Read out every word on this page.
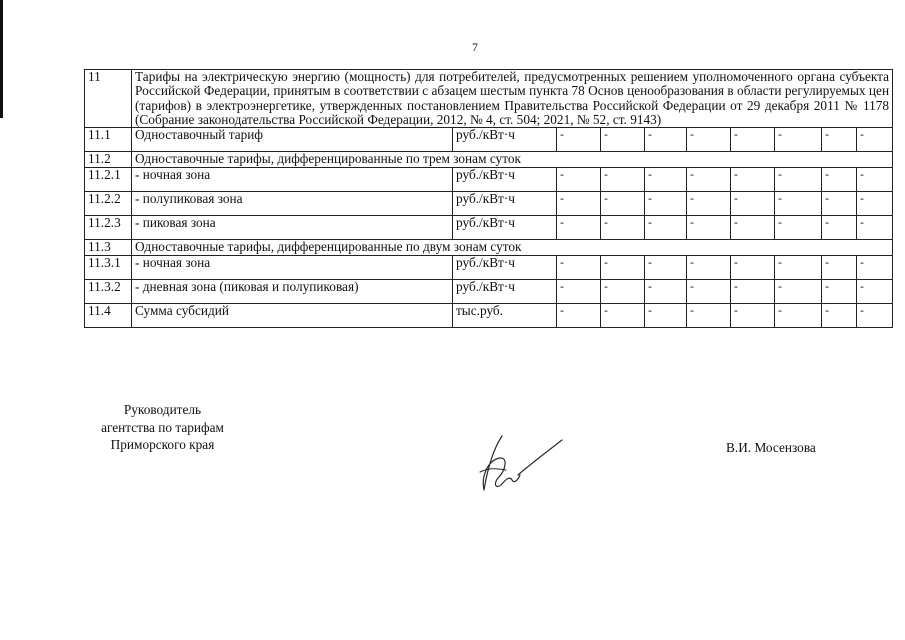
7
11	Тарифы на электрическую энергию (мощность) для потребителей, предусмотренных решением уполномоченного органа субъекта Российской Федерации, принятым в соответствии с абзацем шестым пункта 78 Основ ценообразования в области регулируемых цен (тарифов) в электроэнергетике, утвержденных постановлением Правительства Российской Федерации от 29 декабря 2011 № 1178 (Собрание законодательства Российской Федерации, 2012, № 4, ст. 504; 2021, № 52, ст. 9143)									
11.1	Одноставочный тариф	руб./кВт·ч	-	-	-	-	-	-	-	-
11.2	Одноставочные тарифы, дифференцированные по трем зонам суток									
11.2.1	- ночная зона	руб./кВт·ч	-	-	-	-	-	-	-	-
11.2.2	- полупиковая зона	руб./кВт·ч	-	-	-	-	-	-	-	-
11.2.3	- пиковая зона	руб./кВт·ч	-	-	-	-	-	-	-	-
11.3	Одноставочные тарифы, дифференцированные по двум зонам суток									
11.3.1	- ночная зона	руб./кВт·ч	-	-	-	-	-	-	-	-
11.3.2	- дневная зона (пиковая и полупиковая)	руб./кВт·ч	-	-	-	-	-	-	-	-
11.4	Сумма субсидий	тыс.руб.	-	-	-	-	-	-	-	-
Руководитель
агентства по тарифам
Приморского края	В.И. Мосензова
